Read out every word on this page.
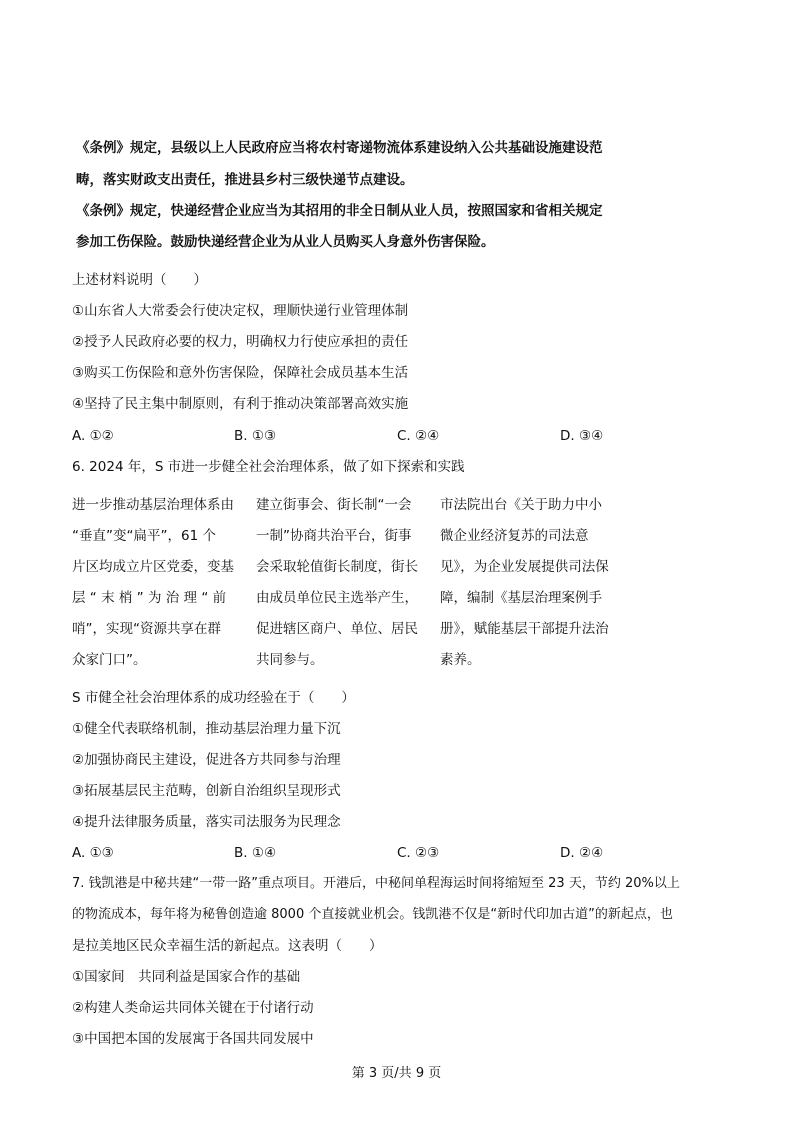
《条例》规定，县级以上人民政府应当将农村寄递物流体系建设纳入公共基础设施建设范
畴，落实财政支出责任，推进县乡村三级快递节点建设。
《条例》规定，快递经营企业应当为其招用的非全日制从业人员，按照国家和省相关规定
参加工伤保险。鼓励快递经营企业为从业人员购买人身意外伤害保险。
上述材料说明（　　）
①山东省人大常委会行使决定权，理顺快递行业管理体制
②授予人民政府必要的权力，明确权力行使应承担的责任
③购买工伤保险和意外伤害保险，保障社会成员基本生活
④坚持了民主集中制原则，有利于推动决策部署高效实施
A. ①②	B. ①③	C. ②④	D. ③④
6. 2024 年，S 市进一步健全社会治理体系，做了如下探索和实践
进一步推动基层治理体系由
“垂直”变“扁平”，61 个
片区均成立片区党委，变基
层 “ 末 梢 ” 为 治 理 “ 前
哨”，实现“资源共享在群
众家门口”。
建立街事会、街长制“一会
一制”协商共治平台，街事
会采取轮值街长制度，街长
由成员单位民主选举产生，
促进辖区商户、单位、居民
共同参与。
市法院出台《关于助力中小
微企业经济复苏的司法意
见》，为企业发展提供司法保
障，编制《基层治理案例手
册》，赋能基层干部提升法治
素养。
S 市健全社会治理体系的成功经验在于（　　）
①健全代表联络机制，推动基层治理力量下沉
②加强协商民主建设，促进各方共同参与治理
③拓展基层民主范畴，创新自治组织呈现形式
④提升法律服务质量，落实司法服务为民理念
A. ①③	B. ①④	C. ②③	D. ②④
7. 钱凯港是中秘共建“一带一路”重点项目。开港后，中秘间单程海运时间将缩短至 23 天，节约 20%以上
的物流成本，每年将为秘鲁创造逾 8000 个直接就业机会。钱凯港不仅是“新时代印加古道”的新起点，也
是拉美地区民众幸福生活的新起点。这表明（　　）
①国家间　共同利益是国家合作的基础
②构建人类命运共同体关键在于付诸行动
③中国把本国的发展寓于各国共同发展中
第 3 页/共 9 页
